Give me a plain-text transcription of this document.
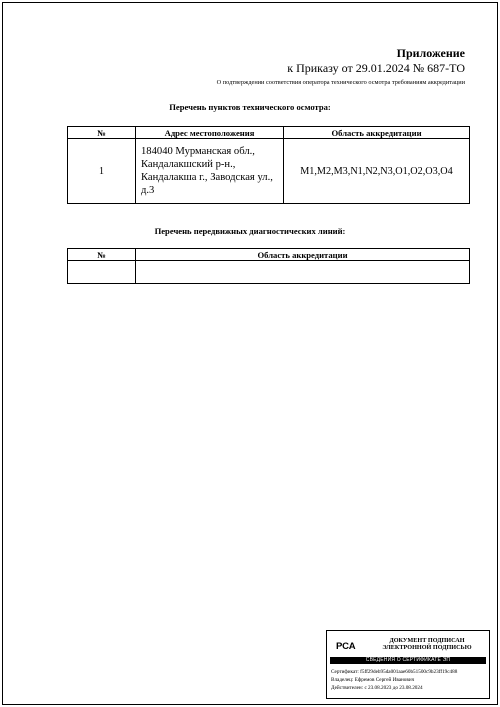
Приложение
к Приказу от 29.01.2024 № 687-ТО
О подтверждении соответствия оператора технического осмотра требованиям аккредитации
Перечень пунктов технического осмотра:
№	Адрес местоположения	Область аккредитации
1	184040 Мурманская обл., Кандалакшский р-н., Кандалакша г., Заводская ул., д.3	M1,M2,M3,N1,N2,N3,O1,O2,O3,O4
Перечень передвижных диагностических линий:
№	Область аккредитации

РСА
ДОКУМЕНТ ПОДПИСАН
ЭЛЕКТРОННОЙ ПОДПИСЬЮ
СВЕДЕНИЯ О СЕРТИФИКАТЕ ЭП
Сертификат: f5ff29deb95da001aae60b51500c9b23ff19c488
Владелец: Ефремов Сергей Иванович
Действителен: с 23.08.2023 до 23.08.2024
